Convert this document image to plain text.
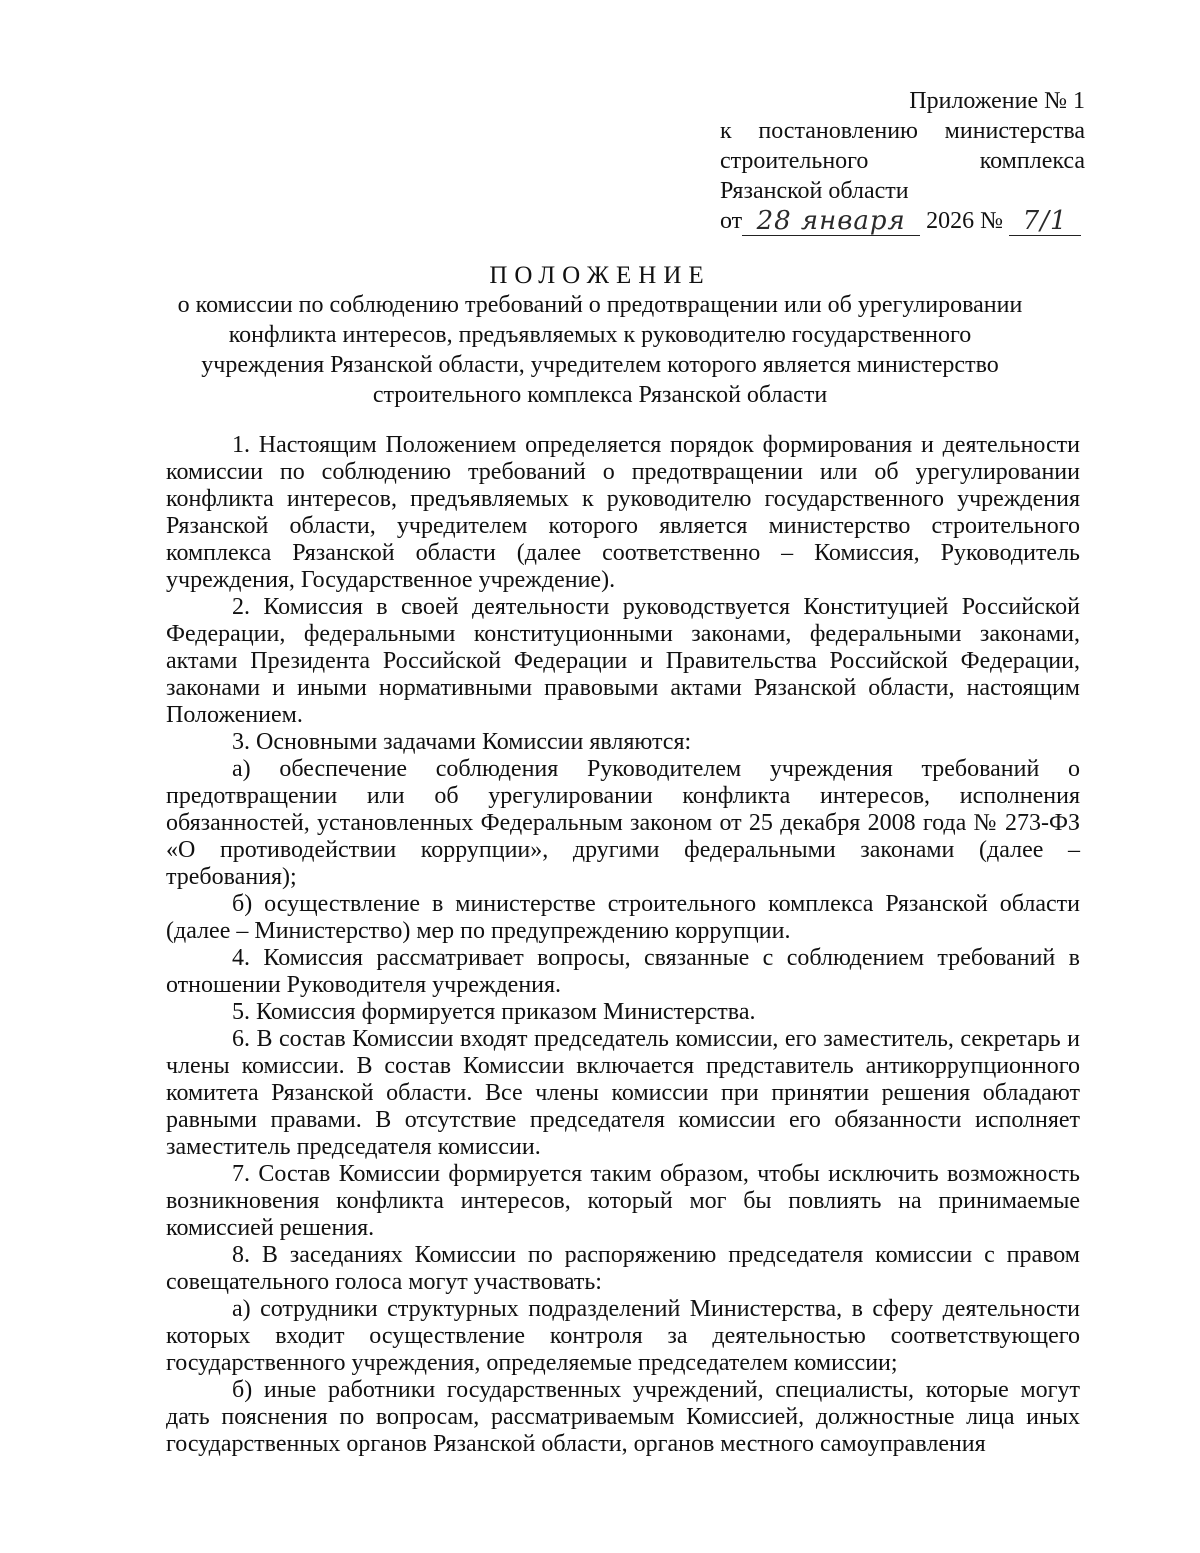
Приложение № 1
к постановлению министерства
строительного комплекса
Рязанской области
от 28 января 2026 № 7/1
ПОЛОЖЕНИЕ
о комиссии по соблюдению требований о предотвращении или об урегулировании конфликта интересов, предъявляемых к руководителю государственного учреждения Рязанской области, учредителем которого является министерство строительного комплекса Рязанской области

1. Настоящим Положением определяется порядок формирования и деятельности комиссии по соблюдению требований о предотвращении или об урегулировании конфликта интересов, предъявляемых к руководителю государственного учреждения Рязанской области, учредителем которого является министерство строительного комплекса Рязанской области (далее соответственно – Комиссия, Руководитель учреждения, Государственное учреждение).

2. Комиссия в своей деятельности руководствуется Конституцией Российской Федерации, федеральными конституционными законами, федеральными законами, актами Президента Российской Федерации и Правительства Российской Федерации, законами и иными нормативными правовыми актами Рязанской области, настоящим Положением.

3. Основными задачами Комиссии являются:

а) обеспечение соблюдения Руководителем учреждения требований о предотвращении или об урегулировании конфликта интересов, исполнения обязанностей, установленных Федеральным законом от 25 декабря 2008 года № 273-ФЗ «О противодействии коррупции», другими федеральными законами (далее – требования);

б) осуществление в министерстве строительного комплекса Рязанской области (далее – Министерство) мер по предупреждению коррупции.

4. Комиссия рассматривает вопросы, связанные с соблюдением требований в отношении Руководителя учреждения.

5. Комиссия формируется приказом Министерства.

6. В состав Комиссии входят председатель комиссии, его заместитель, секретарь и члены комиссии. В состав Комиссии включается представитель антикоррупционного комитета Рязанской области. Все члены комиссии при принятии решения обладают равными правами. В отсутствие председателя комиссии его обязанности исполняет заместитель председателя комиссии.

7. Состав Комиссии формируется таким образом, чтобы исключить возможность возникновения конфликта интересов, который мог бы повлиять на принимаемые комиссией решения.

8. В заседаниях Комиссии по распоряжению председателя комиссии с правом совещательного голоса могут участвовать:

а) сотрудники структурных подразделений Министерства, в сферу деятельности которых входит осуществление контроля за деятельностью соответствующего государственного учреждения, определяемые председателем комиссии;

б) иные работники государственных учреждений, специалисты, которые могут дать пояснения по вопросам, рассматриваемым Комиссией, должностные лица иных государственных органов Рязанской области, органов местного самоуправления
